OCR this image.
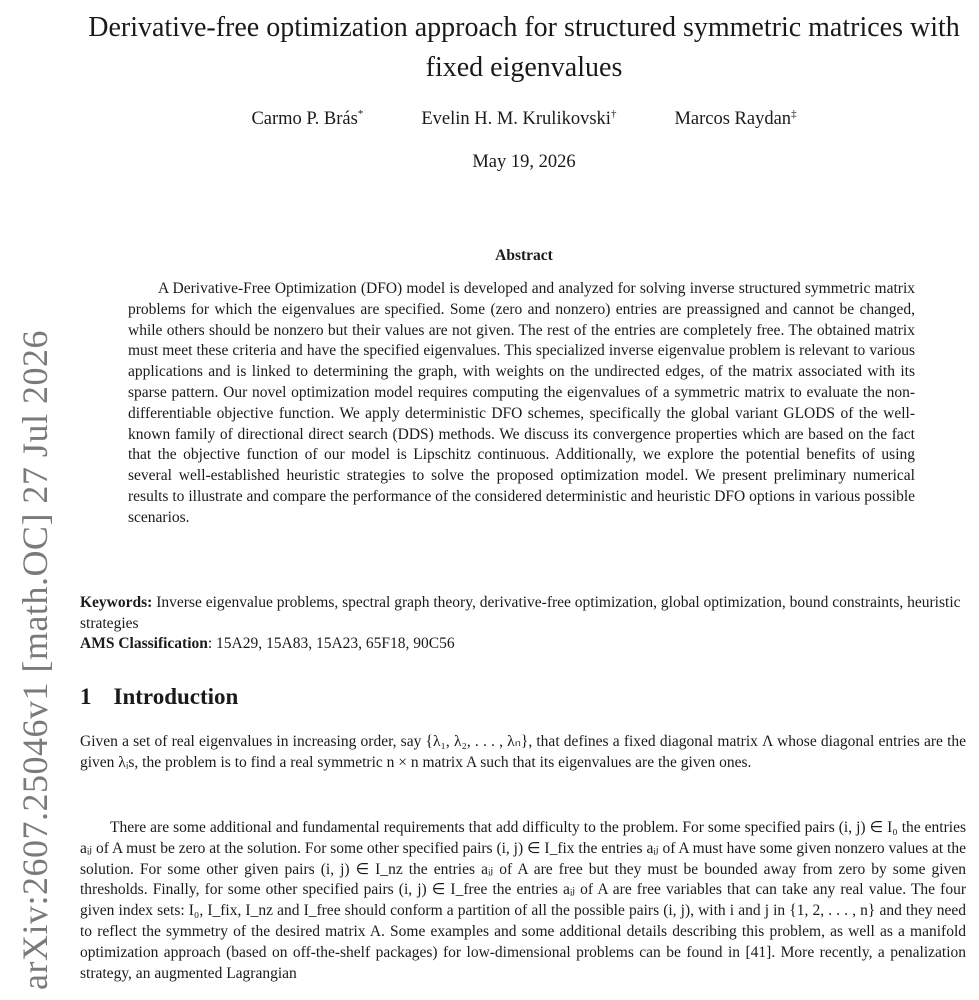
arXiv:2607.25046v1 [math.OC] 27 Jul 2026
Derivative-free optimization approach for structured symmetric matrices with fixed eigenvalues
Carmo P. Brás*	Evelin H. M. Krulikovski†	Marcos Raydan‡
May 19, 2026
Abstract

A Derivative-Free Optimization (DFO) model is developed and analyzed for solving inverse structured symmetric matrix problems for which the eigenvalues are specified. Some (zero and nonzero) entries are preassigned and cannot be changed, while others should be nonzero but their values are not given. The rest of the entries are completely free. The obtained matrix must meet these criteria and have the specified eigenvalues. This specialized inverse eigenvalue problem is relevant to various applications and is linked to determining the graph, with weights on the undirected edges, of the matrix associated with its sparse pattern. Our novel optimization model requires computing the eigenvalues of a symmetric matrix to evaluate the non-differentiable objective function. We apply deterministic DFO schemes, specifically the global variant GLODS of the well-known family of directional direct search (DDS) methods. We discuss its convergence properties which are based on the fact that the objective function of our model is Lipschitz continuous. Additionally, we explore the potential benefits of using several well-established heuristic strategies to solve the proposed optimization model. We present preliminary numerical results to illustrate and compare the performance of the considered deterministic and heuristic DFO options in various possible scenarios.

Keywords: Inverse eigenvalue problems, spectral graph theory, derivative-free optimization, global optimization, bound constraints, heuristic strategies

AMS Classification: 15A29, 15A83, 15A23, 65F18, 90C56

1 Introduction

Given a set of real eigenvalues in increasing order, say {λ₁, λ₂, . . . , λₙ}, that defines a fixed diagonal matrix Λ whose diagonal entries are the given λᵢs, the problem is to find a real symmetric n × n matrix A such that its eigenvalues are the given ones.

There are some additional and fundamental requirements that add difficulty to the problem. For some specified pairs (i, j) ∈ I₀ the entries aᵢⱼ of A must be zero at the solution. For some other specified pairs (i, j) ∈ I_fix the entries aᵢⱼ of A must have some given nonzero values at the solution. For some other given pairs (i, j) ∈ I_nz the entries aᵢⱼ of A are free but they must be bounded away from zero by some given thresholds. Finally, for some other specified pairs (i, j) ∈ I_free the entries aᵢⱼ of A are free variables that can take any real value. The four given index sets: I₀, I_fix, I_nz and I_free should conform a partition of all the possible pairs (i, j), with i and j in {1, 2, . . . , n} and they need to reflect the symmetry of the desired matrix A. Some examples and some additional details describing this problem, as well as a manifold optimization approach (based on off-the-shelf packages) for low-dimensional problems can be found in [41]. More recently, a penalization strategy, an augmented Lagrangian
